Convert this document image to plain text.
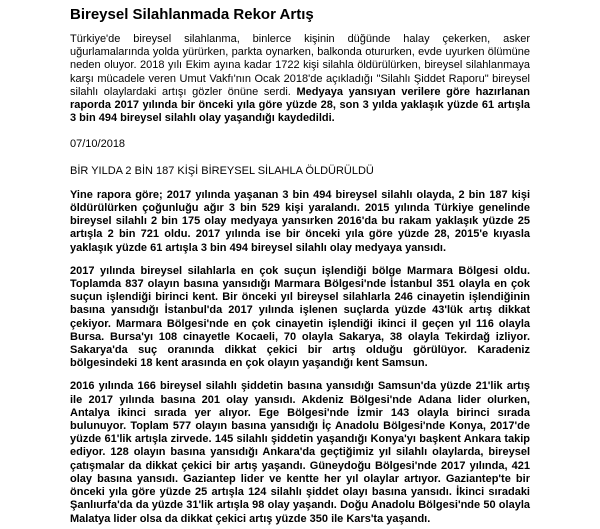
Bireysel Silahlanmada Rekor Artış

Türkiye'de bireysel silahlanma, binlerce kişinin düğünde halay çekerken, asker uğurlamalarında yolda yürürken, parkta oynarken, balkonda otururken, evde uyurken ölümüne neden oluyor. 2018 yılı Ekim ayına kadar 1722 kişi silahla öldürülürken, bireysel silahlanmaya karşı mücadele veren Umut Vakfı'nın Ocak 2018'de açıkladığı "Silahlı Şiddet Raporu" bireysel silahlı olaylardaki artışı gözler önüne serdi. Medyaya yansıyan verilere göre hazırlanan raporda 2017 yılında bir önceki yıla göre yüzde 28, son 3 yılda yaklaşık yüzde 61 artışla 3 bin 494 bireysel silahlı olay yaşandığı kaydedildi.

07/10/2018

BİR YILDA 2 BİN 187 KİŞİ BİREYSEL SİLAHLA ÖLDÜRÜLDÜ

Yine rapora göre; 2017 yılında yaşanan 3 bin 494 bireysel silahlı olayda, 2 bin 187 kişi öldürülürken çoğunluğu ağır 3 bin 529 kişi yaralandı. 2015 yılında Türkiye genelinde bireysel silahlı 2 bin 175 olay medyaya yansırken 2016'da bu rakam yaklaşık yüzde 25 artışla 2 bin 721 oldu. 2017 yılında ise bir önceki yıla göre yüzde 28, 2015'e kıyasla yaklaşık yüzde 61 artışla 3 bin 494 bireysel silahlı olay medyaya yansıdı.

2017 yılında bireysel silahlarla en çok suçun işlendiği bölge Marmara Bölgesi oldu. Toplamda 837 olayın basına yansıdığı Marmara Bölgesi'nde İstanbul 351 olayla en çok suçun işlendiği birinci kent. Bir önceki yıl bireysel silahlarla 246 cinayetin işlendiğinin basına yansıdığı İstanbul'da 2017 yılında işlenen suçlarda yüzde 43'lük artış dikkat çekiyor. Marmara Bölgesi'nde en çok cinayetin işlendiği ikinci il geçen yıl 116 olayla Bursa. Bursa'yı 108 cinayetle Kocaeli, 70 olayla Sakarya, 38 olayla Tekirdağ izliyor. Sakarya'da suç oranında dikkat çekici bir artış olduğu görülüyor. Karadeniz bölgesindeki 18 kent arasında en çok olayın yaşandığı kent Samsun.

2016 yılında 166 bireysel silahlı şiddetin basına yansıdığı Samsun'da yüzde 21'lik artış ile 2017 yılında basına 201 olay yansıdı. Akdeniz Bölgesi'nde Adana lider olurken, Antalya ikinci sırada yer alıyor. Ege Bölgesi'nde İzmir 143 olayla birinci sırada bulunuyor. Toplam 577 olayın basına yansıdığı İç Anadolu Bölgesi'nde Konya, 2017'de yüzde 61'lik artışla zirvede. 145 silahlı şiddetin yaşandığı Konya'yı başkent Ankara takip ediyor. 128 olayın basına yansıdığı Ankara'da geçtiğimiz yıl silahlı olaylarda, bireysel çatışmalar da dikkat çekici bir artış yaşandı. Güneydoğu Bölgesi'nde 2017 yılında, 421 olay basına yansıdı. Gaziantep lider ve kentte her yıl olaylar artıyor. Gaziantep'te bir önceki yıla göre yüzde 25 artışla 124 silahlı şiddet olayı basına yansıdı. İkinci sıradaki Şanlıurfa'da da yüzde 31'lik artışla 98 olay yaşandı. Doğu Anadolu Bölgesi'nde 50 olayla Malatya lider olsa da dikkat çekici artış yüzde 350 ile Kars'ta yaşandı.
